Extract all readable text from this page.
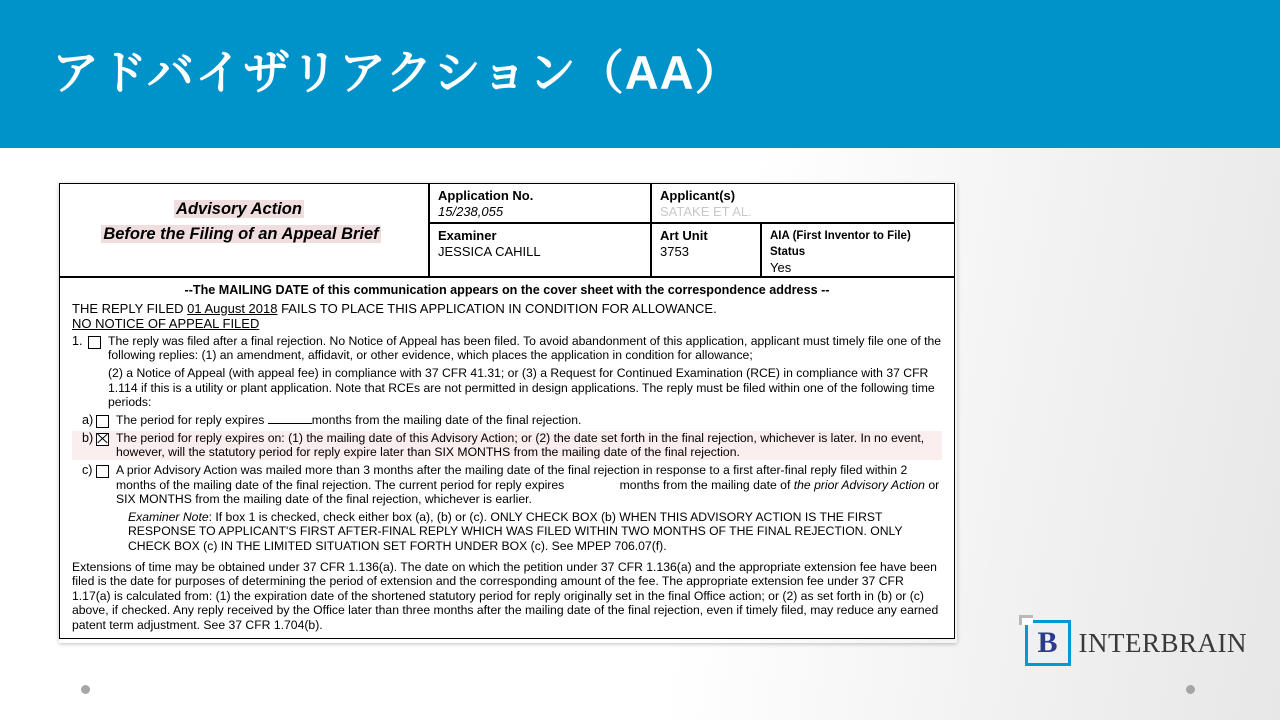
アドバイザリアクション（AA）
Advisory Action
Before the Filing of an Appeal Brief
Application No.
15/238,055
Applicant(s)
SATAKE ET AL.
Examiner
JESSICA CAHILL
Art Unit
3753
AIA (First Inventor to File) Status
Yes
--The MAILING DATE of this communication appears on the cover sheet with the correspondence address --
THE REPLY FILED 01 August 2018 FAILS TO PLACE THIS APPLICATION IN CONDITION FOR ALLOWANCE.
NO NOTICE OF APPEAL FILED
1. The reply was filed after a final rejection. No Notice of Appeal has been filed. To avoid abandonment of this application, applicant must timely file one of the following replies: (1) an amendment, affidavit, or other evidence, which places the application in condition for allowance;
(2) a Notice of Appeal (with appeal fee) in compliance with 37 CFR 41.31; or (3) a Request for Continued Examination (RCE) in compliance with 37 CFR 1.114 if this is a utility or plant application. Note that RCEs are not permitted in design applications. The reply must be filed within one of the following time periods:
a) The period for reply expires	months from the mailing date of the final rejection.
b) The period for reply expires on: (1) the mailing date of this Advisory Action; or (2) the date set forth in the final rejection, whichever is later. In no event, however, will the statutory period for reply expire later than SIX MONTHS from the mailing date of the final rejection.
c) A prior Advisory Action was mailed more than 3 months after the mailing date of the final rejection in response to a first after-final reply filed within 2 months of the mailing date of the final rejection. The current period for reply expires	months from the mailing date of the prior Advisory Action or SIX MONTHS from the mailing date of the final rejection, whichever is earlier.
Examiner Note: If box 1 is checked, check either box (a), (b) or (c). ONLY CHECK BOX (b) WHEN THIS ADVISORY ACTION IS THE FIRST RESPONSE TO APPLICANT'S FIRST AFTER-FINAL REPLY WHICH WAS FILED WITHIN TWO MONTHS OF THE FINAL REJECTION. ONLY CHECK BOX (c) IN THE LIMITED SITUATION SET FORTH UNDER BOX (c). See MPEP 706.07(f).
Extensions of time may be obtained under 37 CFR 1.136(a). The date on which the petition under 37 CFR 1.136(a) and the appropriate extension fee have been filed is the date for purposes of determining the period of extension and the corresponding amount of the fee. The appropriate extension fee under 37 CFR 1.17(a) is calculated from: (1) the expiration date of the shortened statutory period for reply originally set in the final Office action; or (2) as set forth in (b) or (c) above, if checked. Any reply received by the Office later than three months after the mailing date of the final rejection, even if timely filed, may reduce any earned patent term adjustment. See 37 CFR 1.704(b).
B INTERBRAIN
